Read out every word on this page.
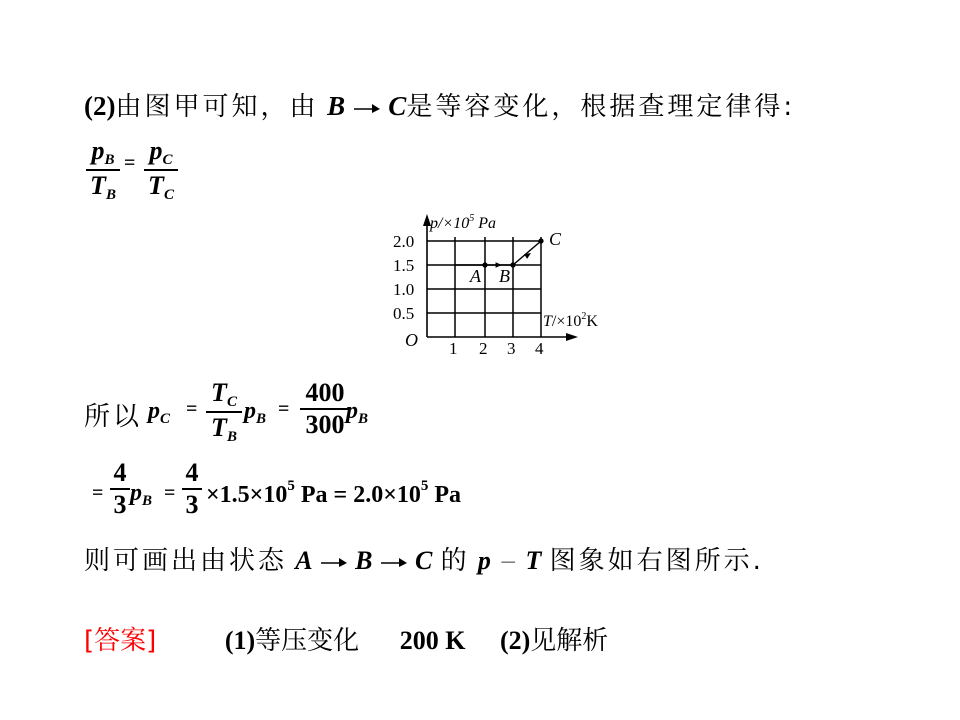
(2)由图甲可知，由 B C是等容变化，根据查理定律得:
$p_B$
$T_B$
= $p_C$
$T_C$
2.0
1.5
1.0
0.5
1 2 3 4
A B
C
$p/\times 10^5$ Pa
$T/\times 10^2K$
O
所以 $p_C$ =
$T_C$
$T_B$
$p_B$ =
400
300 $p_B$
=
4
3 $p_B$ =
4
$3 \times 1.5\times 10^5$ $Pa = 2.0\times 10^5$ Pa
则可画出由状态 A B C 的 p － T 图象如右图所示.
[答案]	(1)等压变化 200 K (2)见解析
